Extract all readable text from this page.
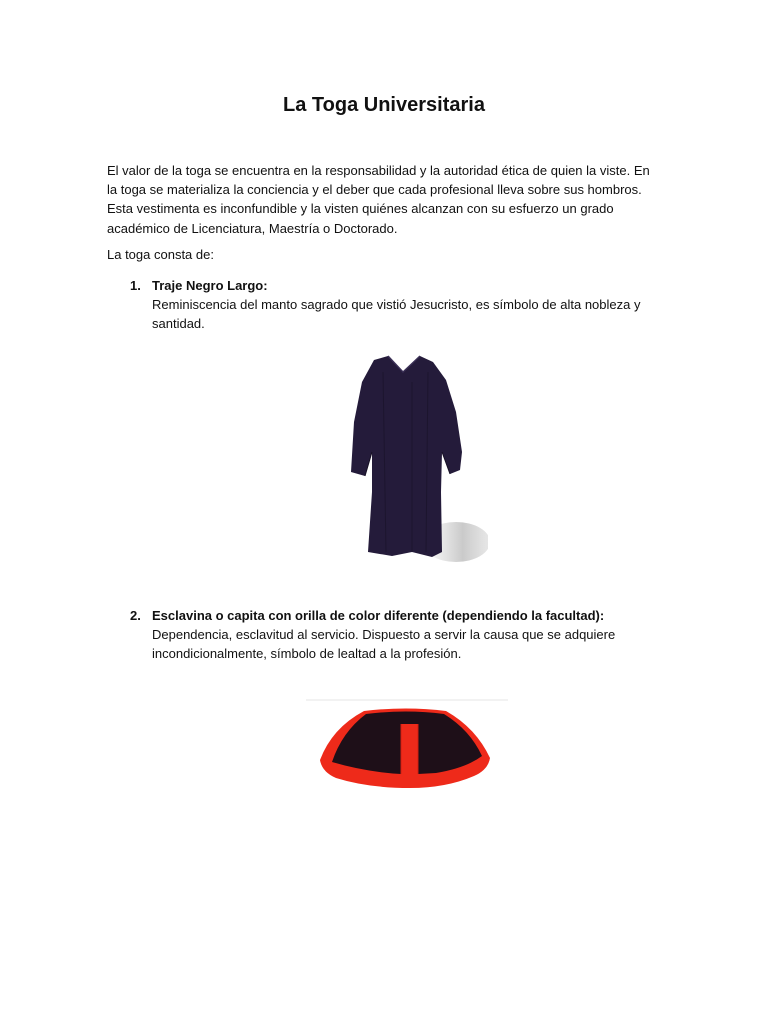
La Toga Universitaria

El valor de la toga se encuentra en la responsabilidad y la autoridad ética de quien la viste. En la toga se materializa la conciencia y el deber que cada profesional lleva sobre sus hombros. Esta vestimenta es inconfundible y la visten quiénes alcanzan con su esfuerzo un grado académico de Licenciatura, Maestría o Doctorado.

La toga consta de:

1. Traje Negro Largo:
Reminiscencia del manto sagrado que vistió Jesucristo, es símbolo de alta nobleza y santidad.
2. Esclavina o capita con orilla de color diferente (dependiendo la facultad):
Dependencia, esclavitud al servicio. Dispuesto a servir la causa que se adquiere incondicionalmente, símbolo de lealtad a la profesión.
